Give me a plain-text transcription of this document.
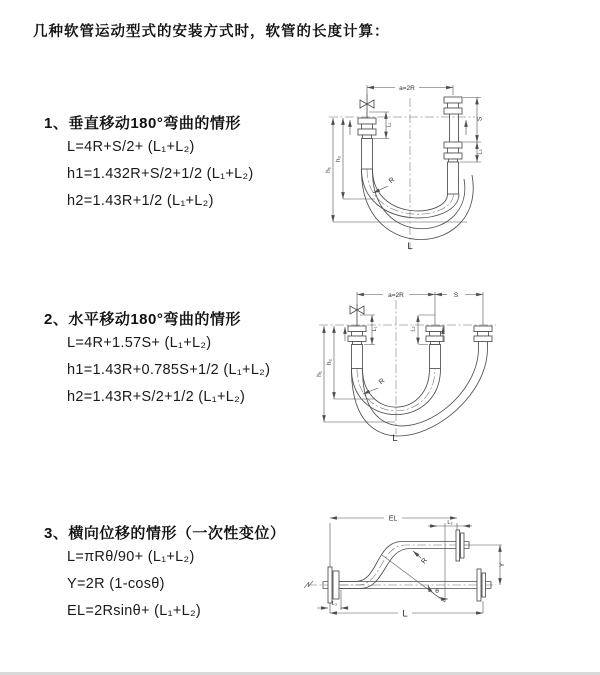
几种软管运动型式的安装方式时，软管的长度计算：
1、垂直移动180°弯曲的情形
L=4R+S/2+ (L₁+L₂)
h1=1.432R+S/2+1/2 (L₁+L₂)
h2=1.43R+1/2 (L₁+L₂)
2、水平移动180°弯曲的情形
L=4R+1.57S+ (L₁+L₂)
h1=1.43R+0.785S+1/2 (L₁+L₂)
h2=1.43R+S/2+1/2 (L₁+L₂)
3、横向位移的情形（一次性变位）
L=πRθ/90+ (L₁+L₂)
Y=2R (1-cosθ)
EL=2Rsinθ+ (L₁+L₂)
a=2R
L₁
S
L₂
h₁
h₂
R
L
a=2R	S
L₁	L₂
h₁
h₂
R
L
EL
L₂
Y
R
θ
L
L₁
